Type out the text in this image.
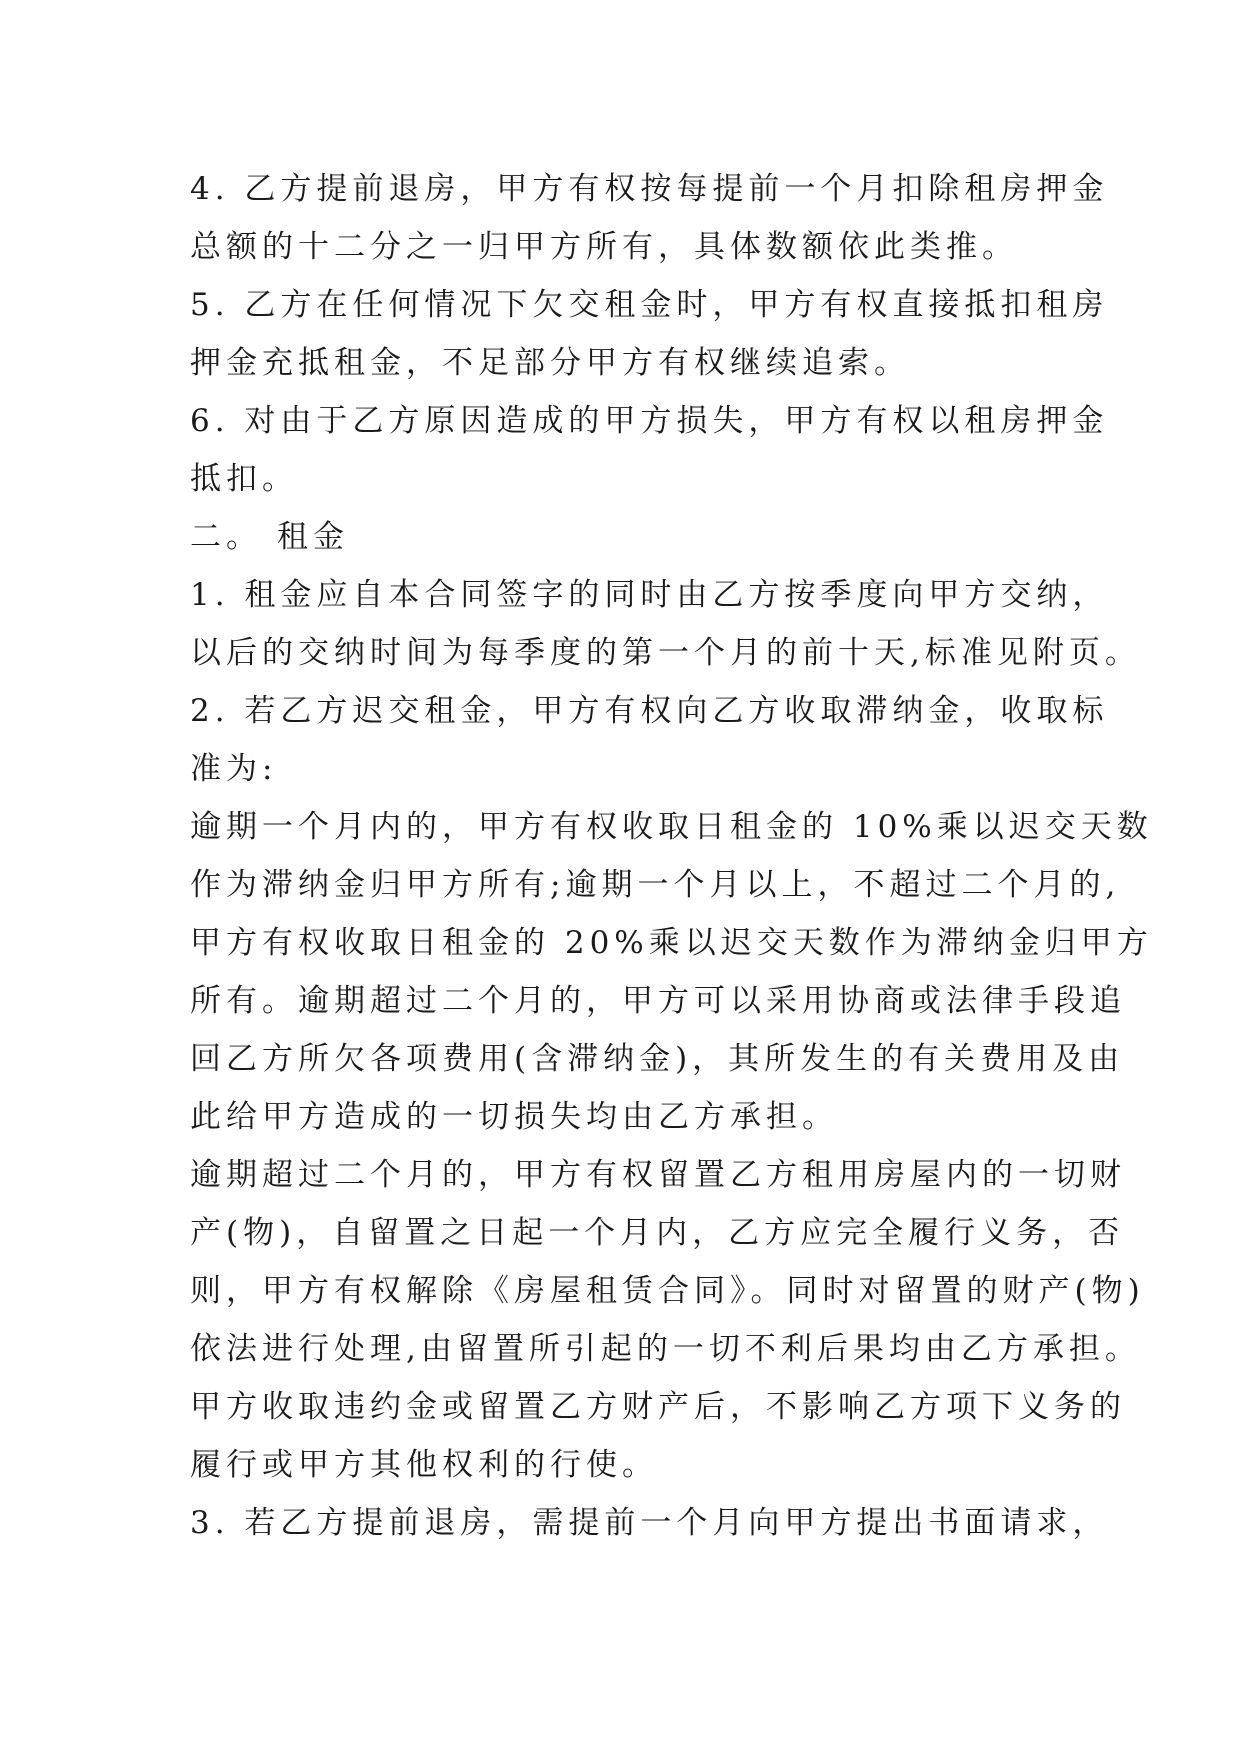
4. 乙方提前退房，甲方有权按每提前一个月扣除租房押金
总额的十二分之一归甲方所有，具体数额依此类推。
5. 乙方在任何情况下欠交租金时，甲方有权直接抵扣租房
押金充抵租金，不足部分甲方有权继续追索。
6. 对由于乙方原因造成的甲方损失，甲方有权以租房押金
抵扣。
二。 租金
1. 租金应自本合同签字的同时由乙方按季度向甲方交纳，
以后的交纳时间为每季度的第一个月的前十天,标准见附页。
2. 若乙方迟交租金，甲方有权向乙方收取滞纳金，收取标
准为:
逾期一个月内的，甲方有权收取日租金的 10%乘以迟交天数
作为滞纳金归甲方所有;逾期一个月以上，不超过二个月的,
甲方有权收取日租金的 20%乘以迟交天数作为滞纳金归甲方
所有。逾期超过二个月的，甲方可以采用协商或法律手段追
回乙方所欠各项费用(含滞纳金)，其所发生的有关费用及由
此给甲方造成的一切损失均由乙方承担。
逾期超过二个月的，甲方有权留置乙方租用房屋内的一切财
产(物)，自留置之日起一个月内，乙方应完全履行义务，否
则，甲方有权解除《房屋租赁合同》。同时对留置的财产(物)
依法进行处理,由留置所引起的一切不利后果均由乙方承担。
甲方收取违约金或留置乙方财产后，不影响乙方项下义务的
履行或甲方其他权利的行使。
3. 若乙方提前退房，需提前一个月向甲方提出书面请求，
